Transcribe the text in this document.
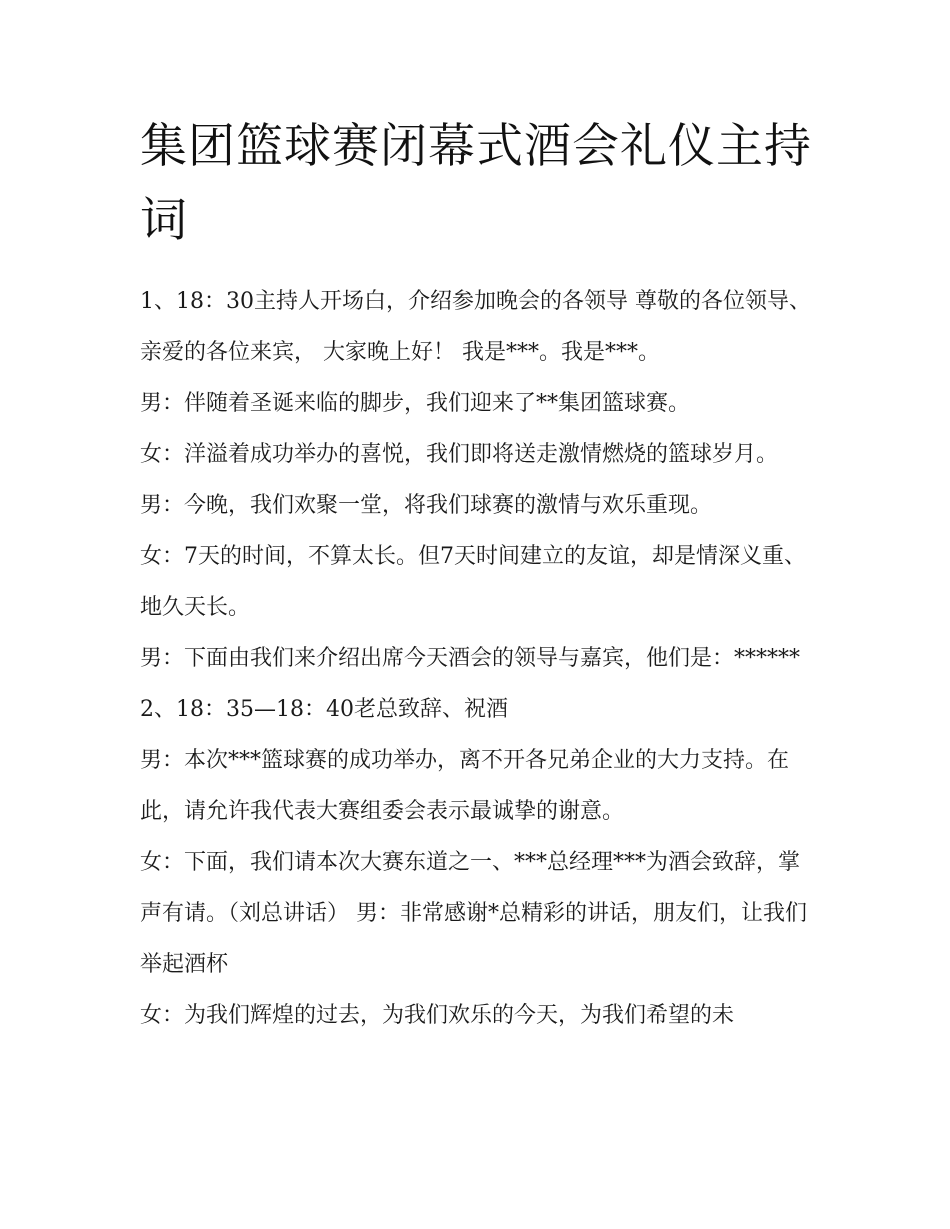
集团篮球赛闭幕式酒会礼仪主持词

1、18：30主持人开场白，介绍参加晚会的各领导 尊敬的各位领导、亲爱的各位来宾， 大家晚上好！ 我是***。我是***。

男：伴随着圣诞来临的脚步，我们迎来了**集团篮球赛。

女：洋溢着成功举办的喜悦，我们即将送走激情燃烧的篮球岁月。

男：今晚，我们欢聚一堂，将我们球赛的激情与欢乐重现。

女：7天的时间，不算太长。但7天时间建立的友谊，却是情深义重、地久天长。

男：下面由我们来介绍出席今天酒会的领导与嘉宾，他们是：****** 2、18：35—18：40老总致辞、祝酒

男：本次***篮球赛的成功举办，离不开各兄弟企业的大力支持。在此，请允许我代表大赛组委会表示最诚挚的谢意。

女：下面，我们请本次大赛东道之一、***总经理***为酒会致辞，掌声有请。（刘总讲话） 男：非常感谢*总精彩的讲话，朋友们，让我们举起酒杯

女：为我们辉煌的过去，为我们欢乐的今天，为我们希望的未
